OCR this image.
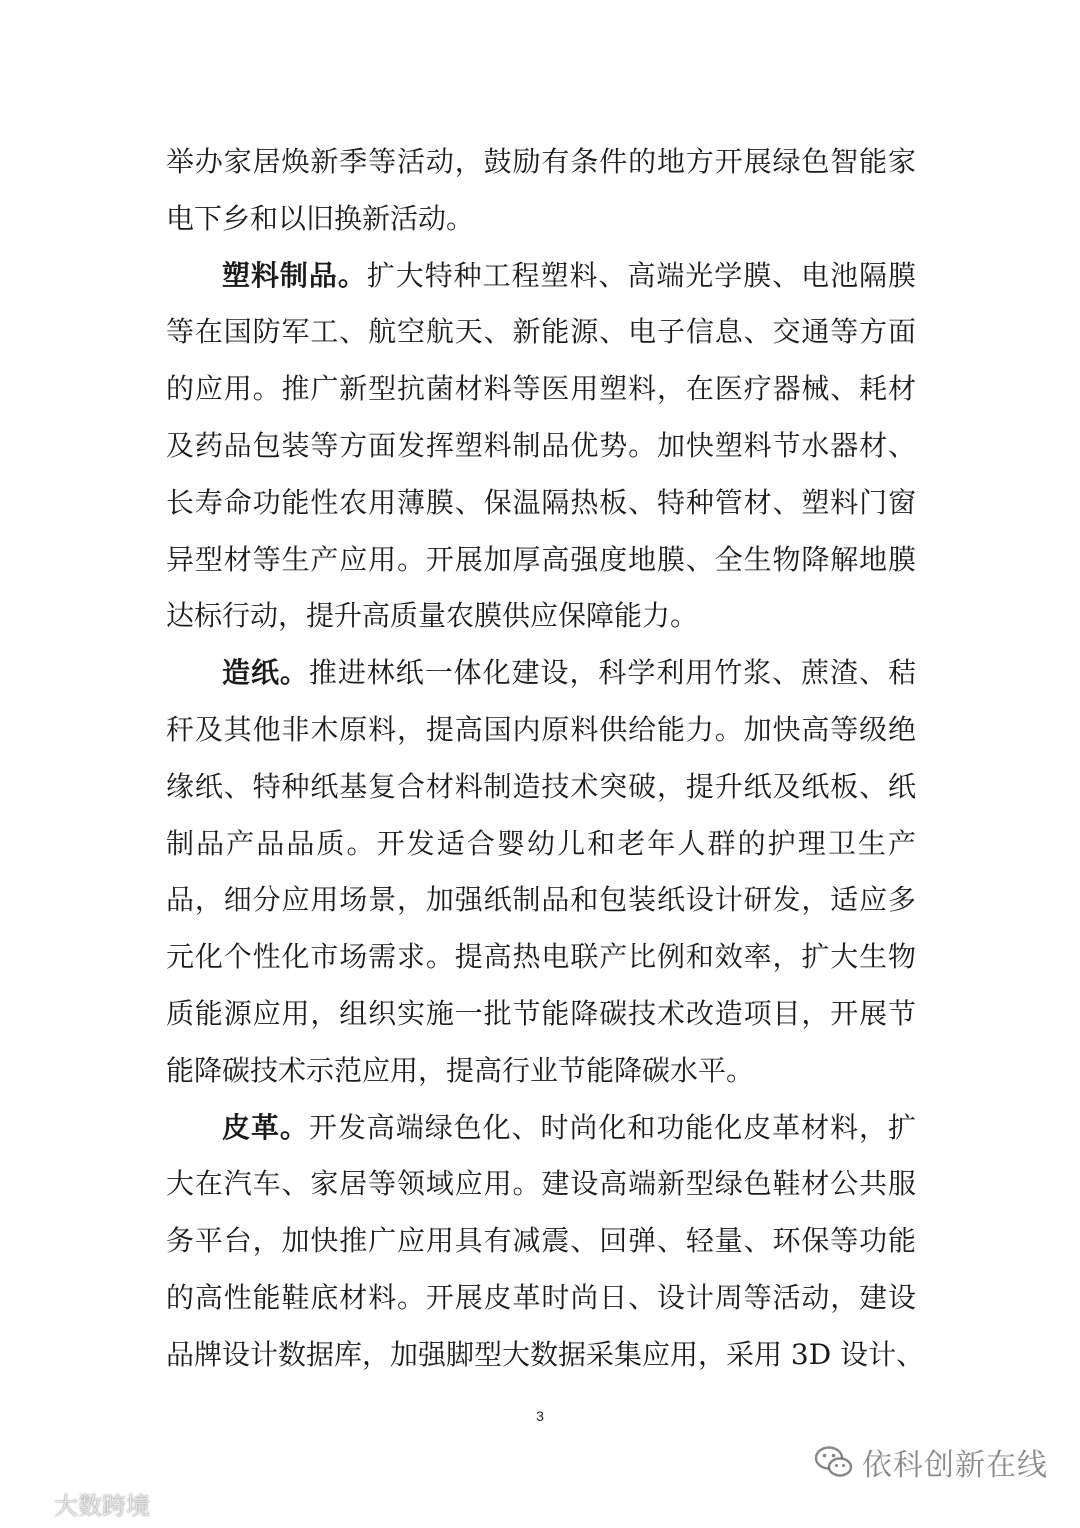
举办家居焕新季等活动，鼓励有条件的地方开展绿色智能家
电下乡和以旧换新活动。

塑料制品。扩大特种工程塑料、高端光学膜、电池隔膜
等在国防军工、航空航天、新能源、电子信息、交通等方面
的应用。推广新型抗菌材料等医用塑料，在医疗器械、耗材
及药品包装等方面发挥塑料制品优势。加快塑料节水器材、
长寿命功能性农用薄膜、保温隔热板、特种管材、塑料门窗
异型材等生产应用。开展加厚高强度地膜、全生物降解地膜
达标行动，提升高质量农膜供应保障能力。

造纸。推进林纸一体化建设，科学利用竹浆、蔗渣、秸
秆及其他非木原料，提高国内原料供给能力。加快高等级绝
缘纸、特种纸基复合材料制造技术突破，提升纸及纸板、纸
制品产品品质。开发适合婴幼儿和老年人群的护理卫生产
品，细分应用场景，加强纸制品和包装纸设计研发，适应多
元化个性化市场需求。提高热电联产比例和效率，扩大生物
质能源应用，组织实施一批节能降碳技术改造项目，开展节
能降碳技术示范应用，提高行业节能降碳水平。

皮革。开发高端绿色化、时尚化和功能化皮革材料，扩
大在汽车、家居等领域应用。建设高端新型绿色鞋材公共服
务平台，加快推广应用具有减震、回弹、轻量、环保等功能
的高性能鞋底材料。开展皮革时尚日、设计周等活动，建设
品牌设计数据库，加强脚型大数据采集应用，采用 3D 设计、

3
依科创新在线
大数跨境
